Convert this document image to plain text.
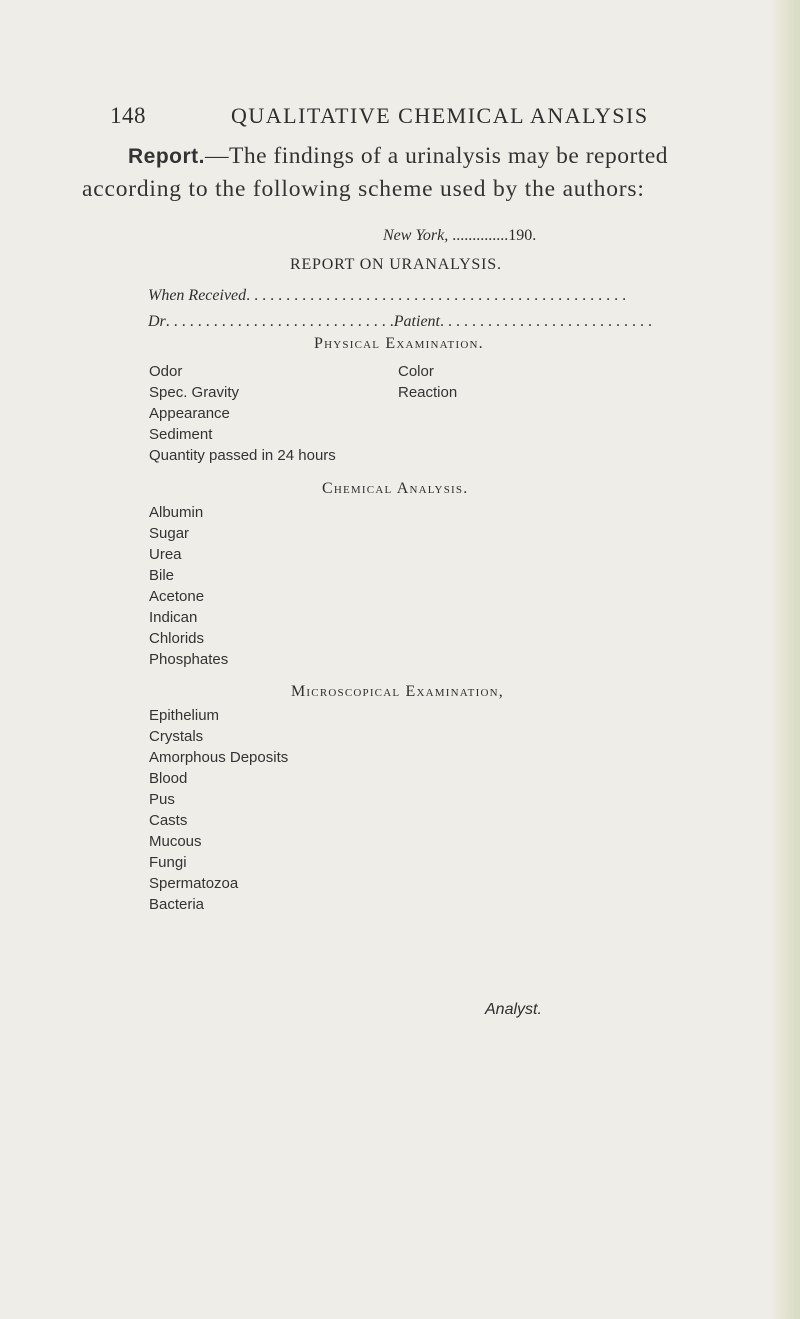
148	QUALITATIVE CHEMICAL ANALYSIS
Report.—The findings of a urinalysis may be reported
according to the following scheme used by the authors:
New York, ..............190.
REPORT ON URANALYSIS.
When Received. . . . . . . . . . . . . . . . . . . . . . . . . . . . . . . . . . . . . . . . . . . . . . . .
Dr. . . . . . . . . . . . . . . . . . . . . . . . . . . . .Patient. . . . . . . . . . . . . . . . . . . . . . . . . . .
Physical Examination.
Odor
Spec. Gravity
Appearance
Sediment
Quantity passed in 24 hours
Color
Reaction
Chemical Analysis.
Albumin
Sugar
Urea
Bile
Acetone
Indican
Chlorids
Phosphates
Microscopical Examination,
Epithelium
Crystals
Amorphous Deposits
Blood
Pus
Casts
Mucous
Fungi
Spermatozoa
Bacteria
Analyst.
